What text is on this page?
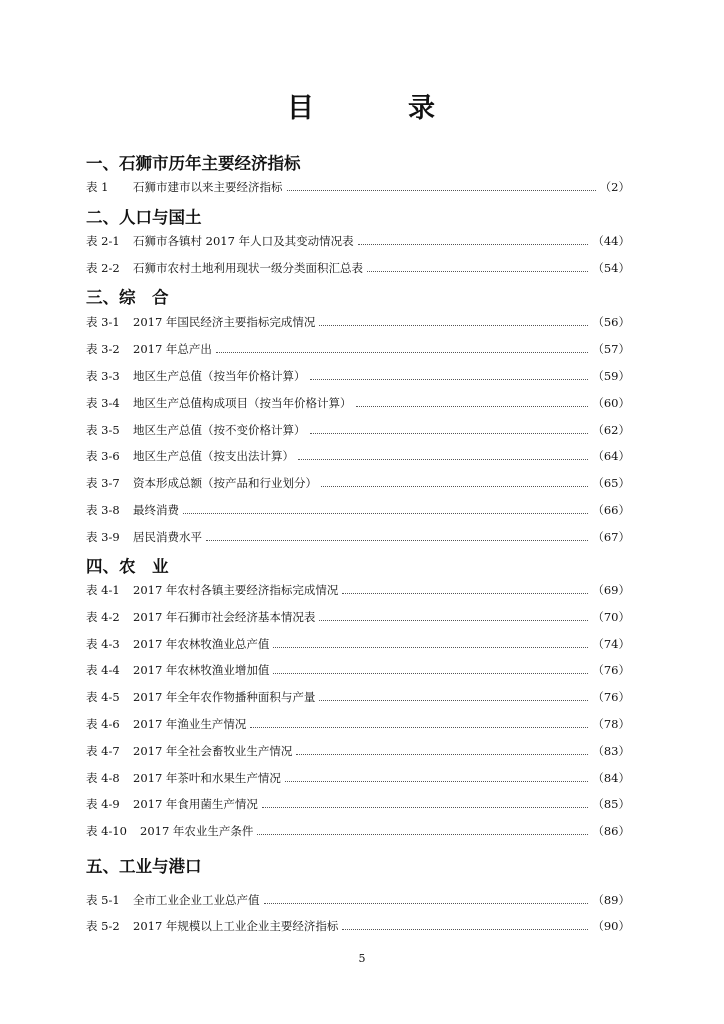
目	录
一、石狮市历年主要经济指标
表 1	石狮市建市以来主要经济指标	（2）
二、人口与国土
表 2-1	石狮市各镇村 2017 年人口及其变动情况表	（44）
表 2-2	石狮市农村土地利用现状一级分类面积汇总表	（54）
三、综　合
表 3-1	2017 年国民经济主要指标完成情况	（56）
表 3-2	2017 年总产出	（57）
表 3-3	地区生产总值（按当年价格计算）	（59）
表 3-4	地区生产总值构成项目（按当年价格计算）	（60）
表 3-5	地区生产总值（按不变价格计算）	（62）
表 3-6	地区生产总值（按支出法计算）	（64）
表 3-7	资本形成总额（按产品和行业划分）	（65）
表 3-8	最终消费	（66）
表 3-9	居民消费水平	（67）
四、农　业
表 4-1	2017 年农村各镇主要经济指标完成情况	（69）
表 4-2	2017 年石狮市社会经济基本情况表	（70）
表 4-3	2017 年农林牧渔业总产值	（74）
表 4-4	2017 年农林牧渔业增加值	（76）
表 4-5	2017 年全年农作物播种面积与产量	（76）
表 4-6	2017 年渔业生产情况	（78）
表 4-7	2017 年全社会畜牧业生产情况	（83）
表 4-8	2017 年茶叶和水果生产情况	（84）
表 4-9	2017 年食用菌生产情况	（85）
表 4-10	2017 年农业生产条件	（86）
五、工业与港口
表 5-1	全市工业企业工业总产值	（89）
表 5-2	2017 年规模以上工业企业主要经济指标	（90）
5
